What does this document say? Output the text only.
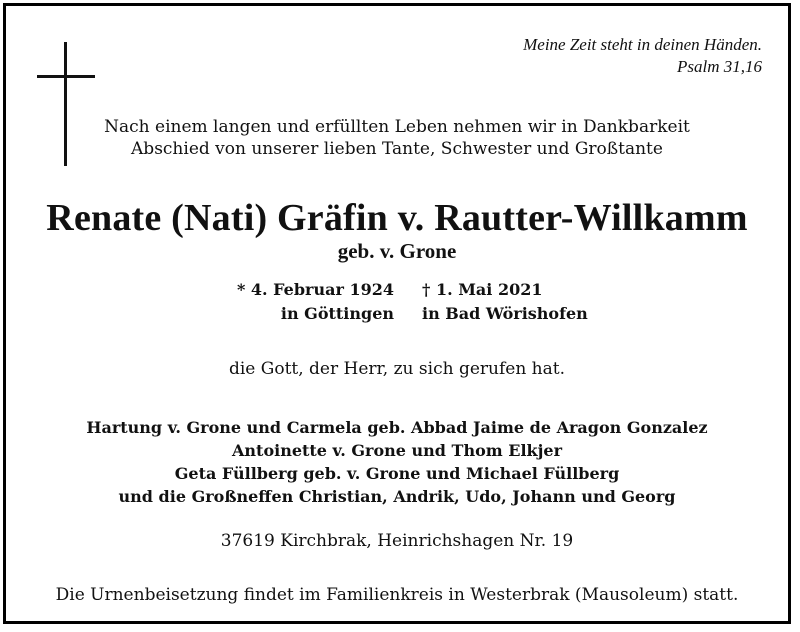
Meine Zeit steht in deinen Händen.
Psalm 31,16
Nach einem langen und erfüllten Leben nehmen wir in Dankbarkeit
Abschied von unserer lieben Tante, Schwester und Großtante
Renate (Nati) Gräfin v. Rautter-Willkamm
geb. v. Grone
* 4. Februar 1924
in Göttingen
† 1. Mai 2021
in Bad Wörishofen
die Gott, der Herr, zu sich gerufen hat.
Hartung v. Grone und Carmela geb. Abbad Jaime de Aragon Gonzalez
Antoinette v. Grone und Thom Elkjer
Geta Füllberg geb. v. Grone und Michael Füllberg
und die Großneffen Christian, Andrik, Udo, Johann und Georg
37619 Kirchbrak, Heinrichshagen Nr. 19
Die Urnenbeisetzung findet im Familienkreis in Westerbrak (Mausoleum) statt.
